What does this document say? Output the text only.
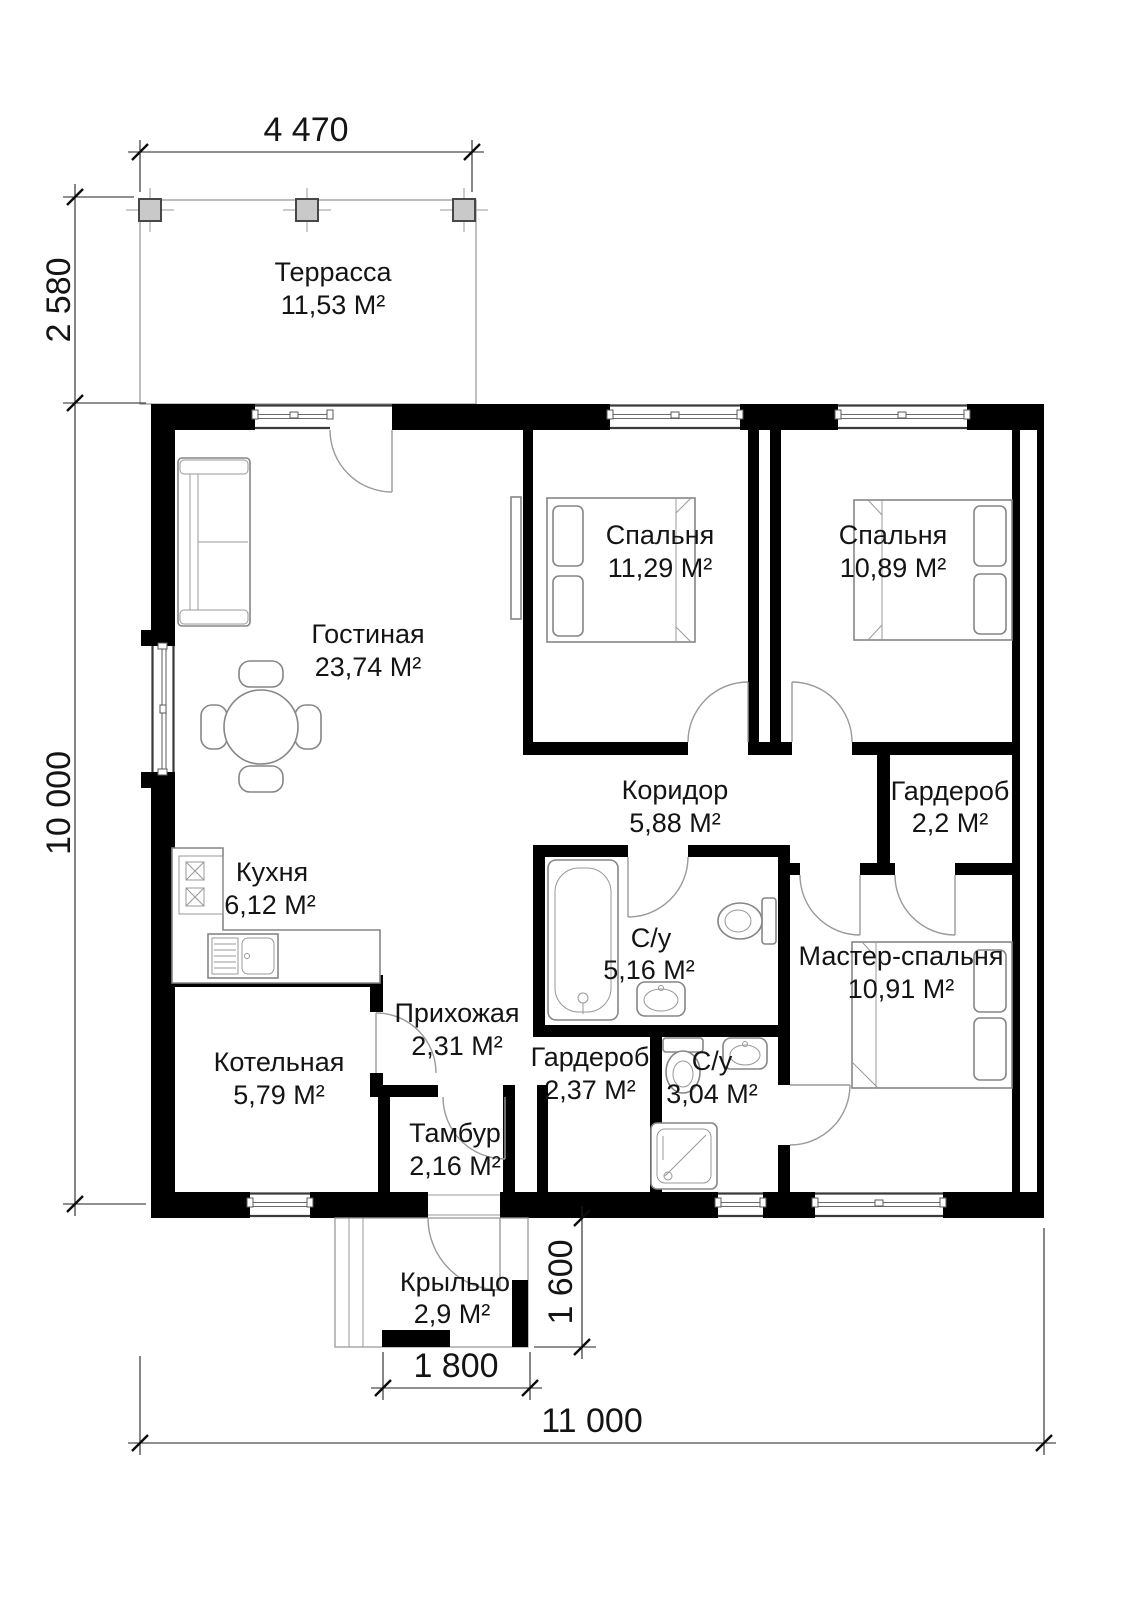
4 470
2 580
10 000
1 600
1 800
11 000
Террасса
11,53 М²
Гостиная
23,74 М²
Спальня
11,29 М²
Спальня
10,89 М²
Коридор
5,88 М²
Гардероб
2,2 М²
Кухня
6,12 М²
С/у
5,16 М²	Мастер-спальня
10,91 М²
Прихожая
2,31 М²
Котельная
5,79 М²
Гардероб
2,37 М²
С/у
3,04 М²
Тамбур
2,16 М²
Крыльцо
2,9 М²
